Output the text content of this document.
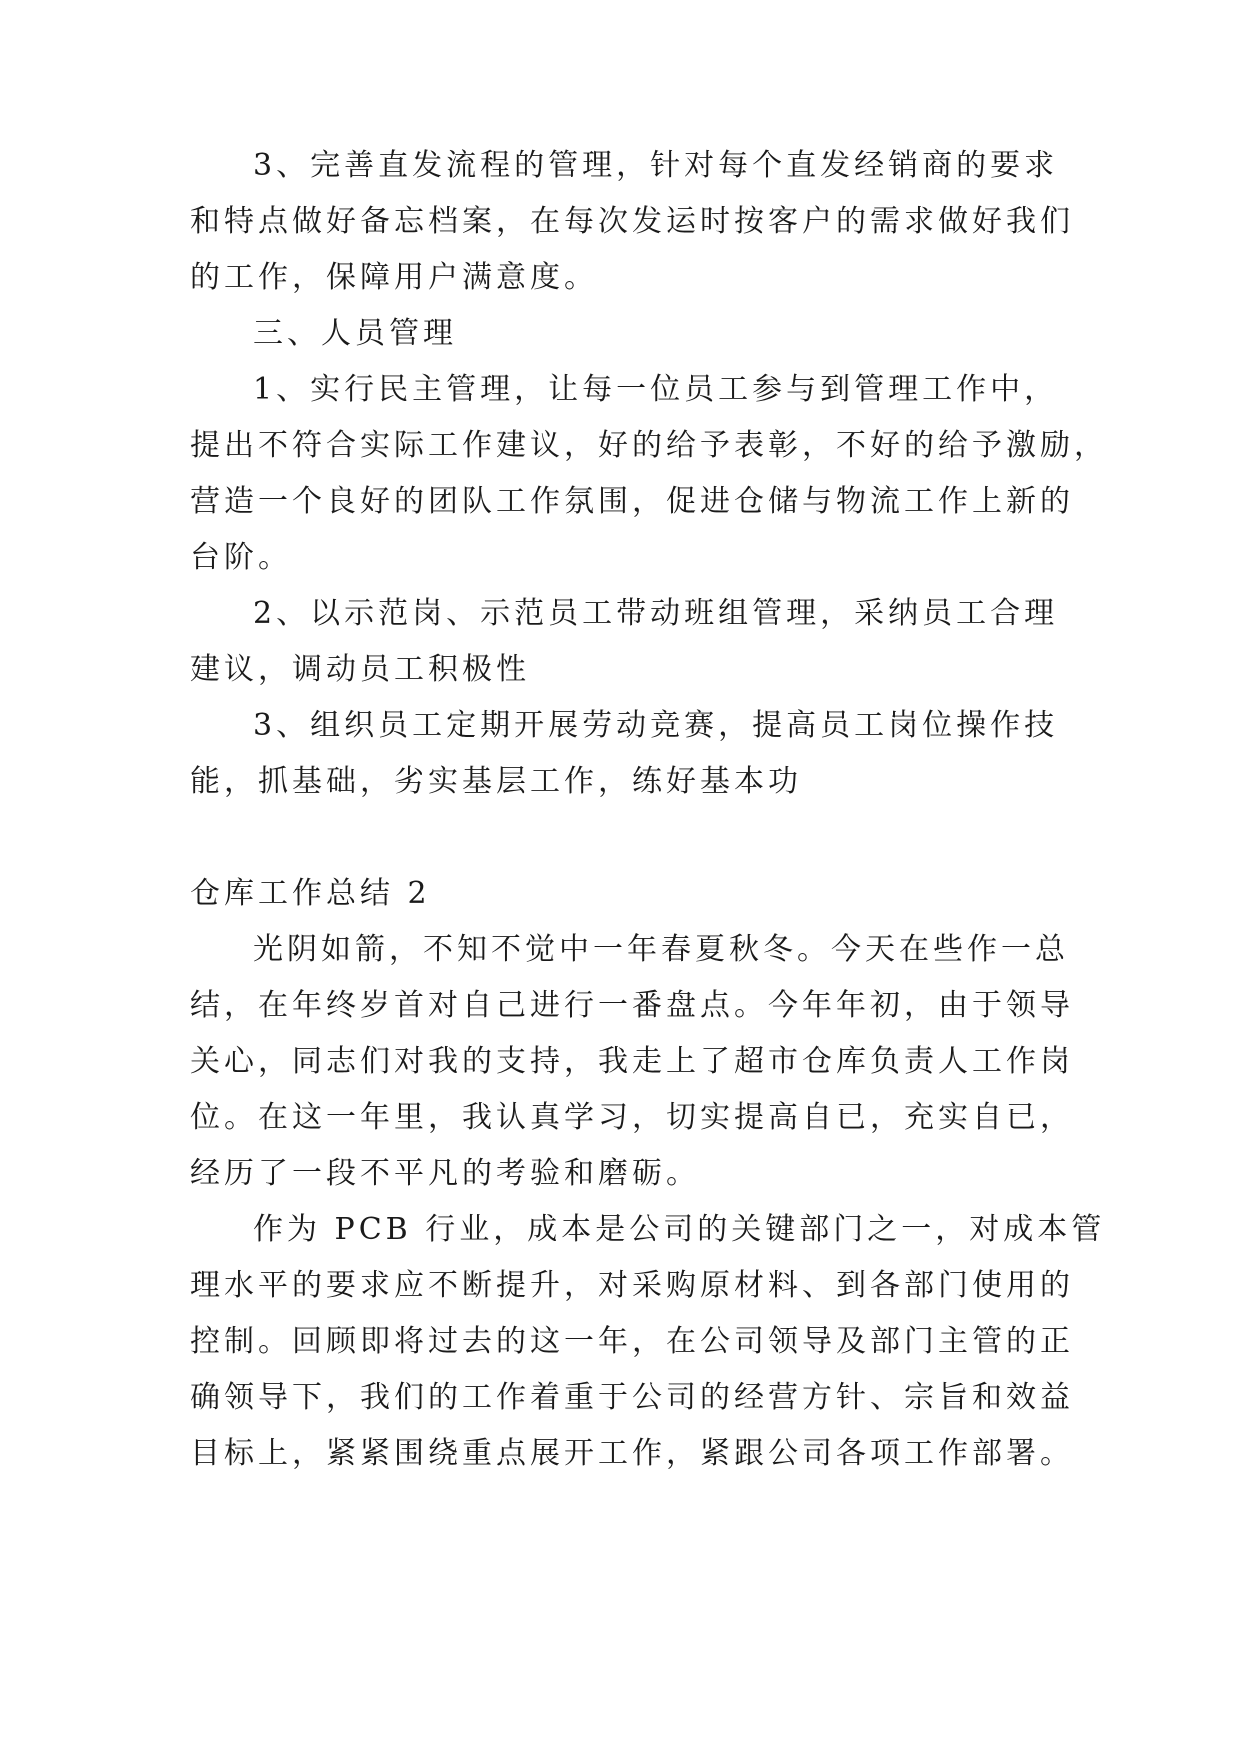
3、完善直发流程的管理，针对每个直发经销商的要求
和特点做好备忘档案，在每次发运时按客户的需求做好我们
的工作，保障用户满意度。
三、人员管理
1、实行民主管理，让每一位员工参与到管理工作中，
提出不符合实际工作建议，好的给予表彰，不好的给予激励，
营造一个良好的团队工作氛围，促进仓储与物流工作上新的
台阶。
2、以示范岗、示范员工带动班组管理，采纳员工合理
建议，调动员工积极性
3、组织员工定期开展劳动竞赛，提高员工岗位操作技
能，抓基础，劣实基层工作，练好基本功
仓库工作总结 2
光阴如箭，不知不觉中一年春夏秋冬。今天在些作一总
结，在年终岁首对自己进行一番盘点。今年年初，由于领导
关心，同志们对我的支持，我走上了超市仓库负责人工作岗
位。在这一年里，我认真学习，切实提高自已，充实自已，
经历了一段不平凡的考验和磨砺。
作为 PCB 行业，成本是公司的关键部门之一，对成本管
理水平的要求应不断提升，对采购原材料、到各部门使用的
控制。回顾即将过去的这一年，在公司领导及部门主管的正
确领导下，我们的工作着重于公司的经营方针、宗旨和效益
目标上，紧紧围绕重点展开工作，紧跟公司各项工作部署。
